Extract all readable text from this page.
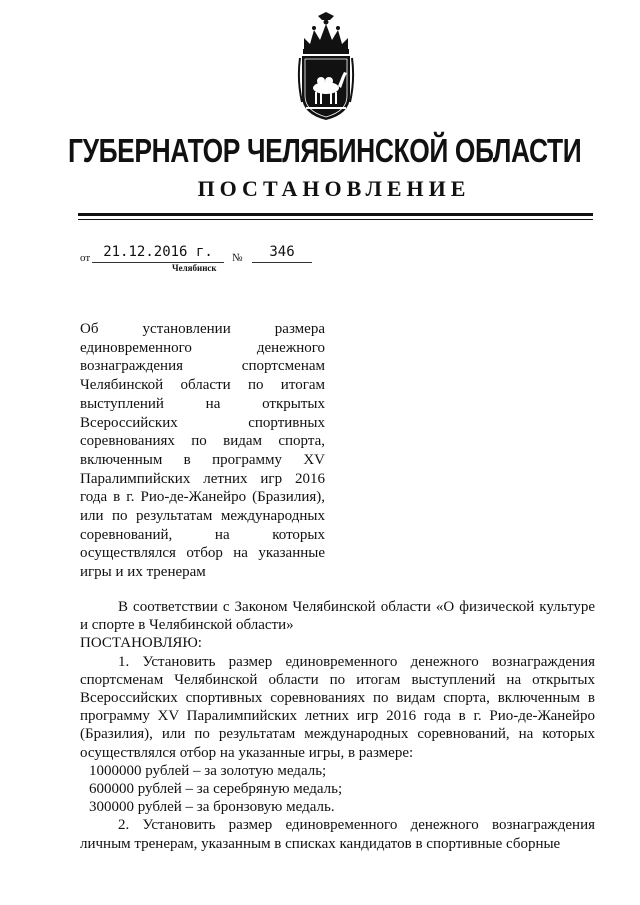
ГУБЕРНАТОР ЧЕЛЯБИНСКОЙ ОБЛАСТИ
ПОСТАНОВЛЕНИЕ
от 21.12.2016 г.	№	346
Челябинск

Об установлении размера единовременного денежного вознаграждения спортсменам Челябинской области по итогам выступлений на открытых Всероссийских спортивных соревнованиях по видам спорта, включенным в программу XV Паралимпийских летних игр 2016 года в г. Рио-де-Жанейро (Бразилия), или по результатам международных соревнований, на которых осуществлялся отбор на указанные игры и их тренерам

В соответствии с Законом Челябинской области «О физической культуре и спорте в Челябинской области»

ПОСТАНОВЛЯЮ:

1. Установить размер единовременного денежного вознаграждения спортсменам Челябинской области по итогам выступлений на открытых Всероссийских спортивных соревнованиях по видам спорта, включенным в программу XV Паралимпийских летних игр 2016 года в г. Рио-де-Жанейро (Бразилия), или по результатам международных соревнований, на которых осуществлялся отбор на указанные игры, в размере:

1000000 рублей – за золотую медаль;

600000 рублей – за серебряную медаль;

300000 рублей – за бронзовую медаль.

2. Установить размер единовременного денежного вознаграждения личным тренерам, указанным в списках кандидатов в спортивные сборные
